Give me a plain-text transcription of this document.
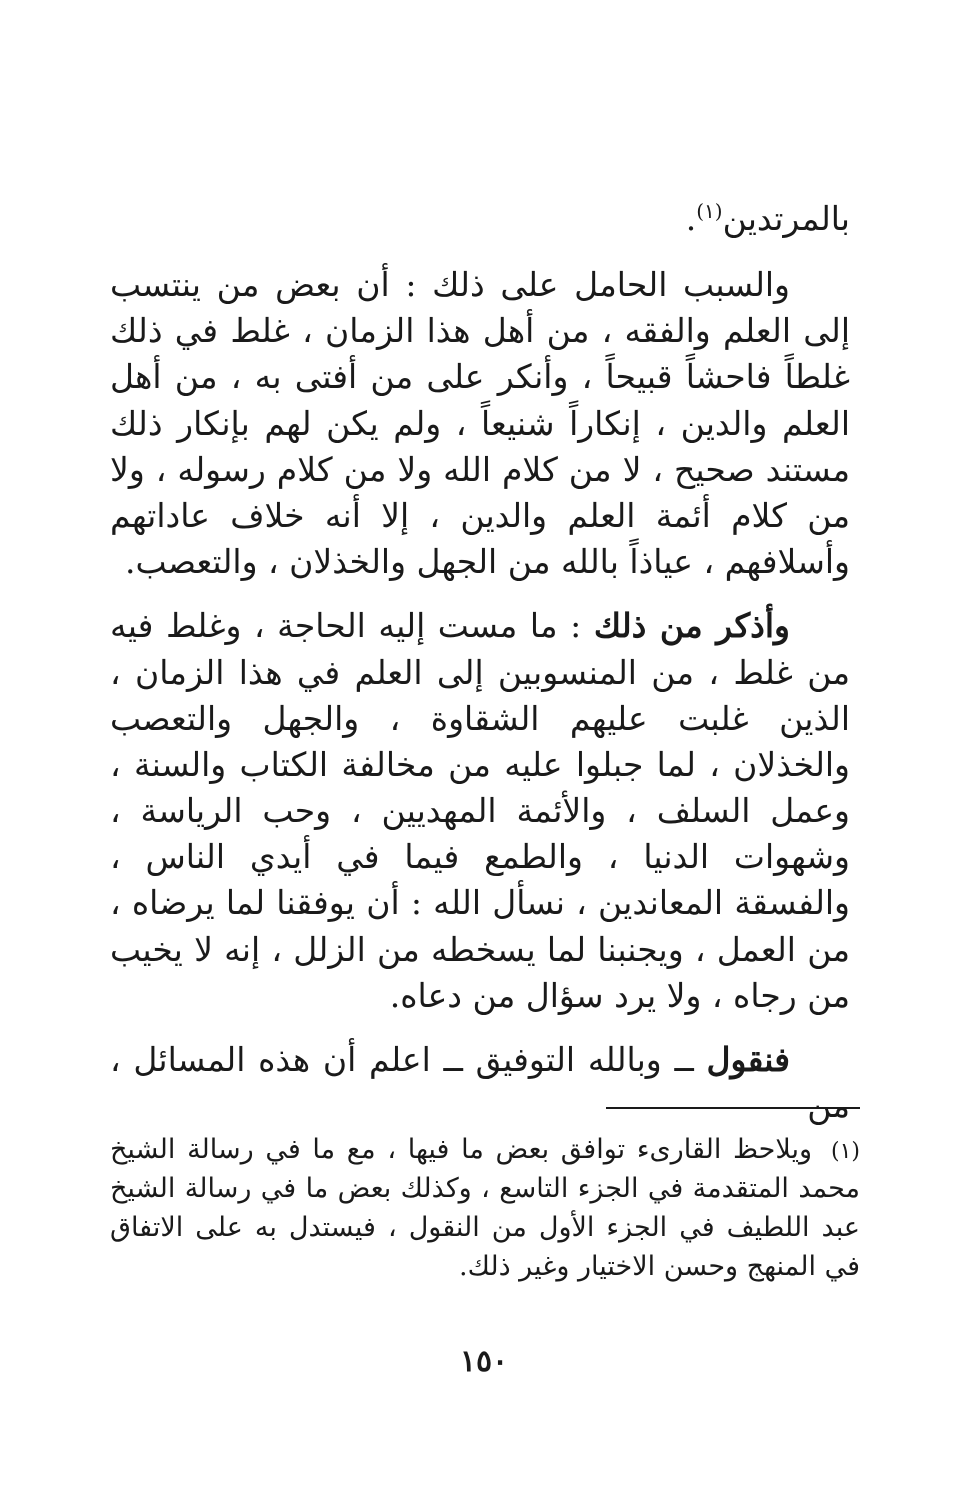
بالمرتدين$^{(١)}$.

والسبب الحامل على ذلك : أن بعض من ينتسب إلى العلم والفقه ، من أهل هذا الزمان ، غلط في ذلك غلطاً فاحشاً قبيحاً ، وأنكر على من أفتى به ، من أهل العلم والدين ، إنكاراً شنيعاً ، ولم يكن لهم بإنكار ذلك مستند صحيح ، لا من كلام الله ولا من كلام رسوله ، ولا من كلام أئمة العلم والدين ، إلا أنه خلاف عاداتهم وأسلافهم ، عياذاً بالله من الجهل والخذلان ، والتعصب.

وأذكر من ذلك : ما مست إليه الحاجة ، وغلط فيه من غلط ، من المنسوبين إلى العلم في هذا الزمان ، الذين غلبت عليهم الشقاوة ، والجهل والتعصب والخذلان ، لما جبلوا عليه من مخالفة الكتاب والسنة ، وعمل السلف ، والأئمة المهديين ، وحب الرياسة ، وشهوات الدنيا ، والطمع فيما في أيدي الناس ، والفسقة المعاندين ، نسأل الله : أن يوفقنا لما يرضاه ، من العمل ، ويجنبنا لما يسخطه من الزلل ، إنه لا يخيب من رجاه ، ولا يرد سؤال من دعاه.

فنقول ــ وبالله التوفيق ــ اعلم أن هذه المسائل ، من

(١)ويلاحظ القارىء توافق بعض ما فيها ، مع ما في رسالة الشيخ محمد المتقدمة في الجزء التاسع ، وكذلك بعض ما في رسالة الشيخ عبد اللطيف في الجزء الأول من النقول ، فيستدل به على الاتفاق في المنهج وحسن الاختيار وغير ذلك.
١٥٠
